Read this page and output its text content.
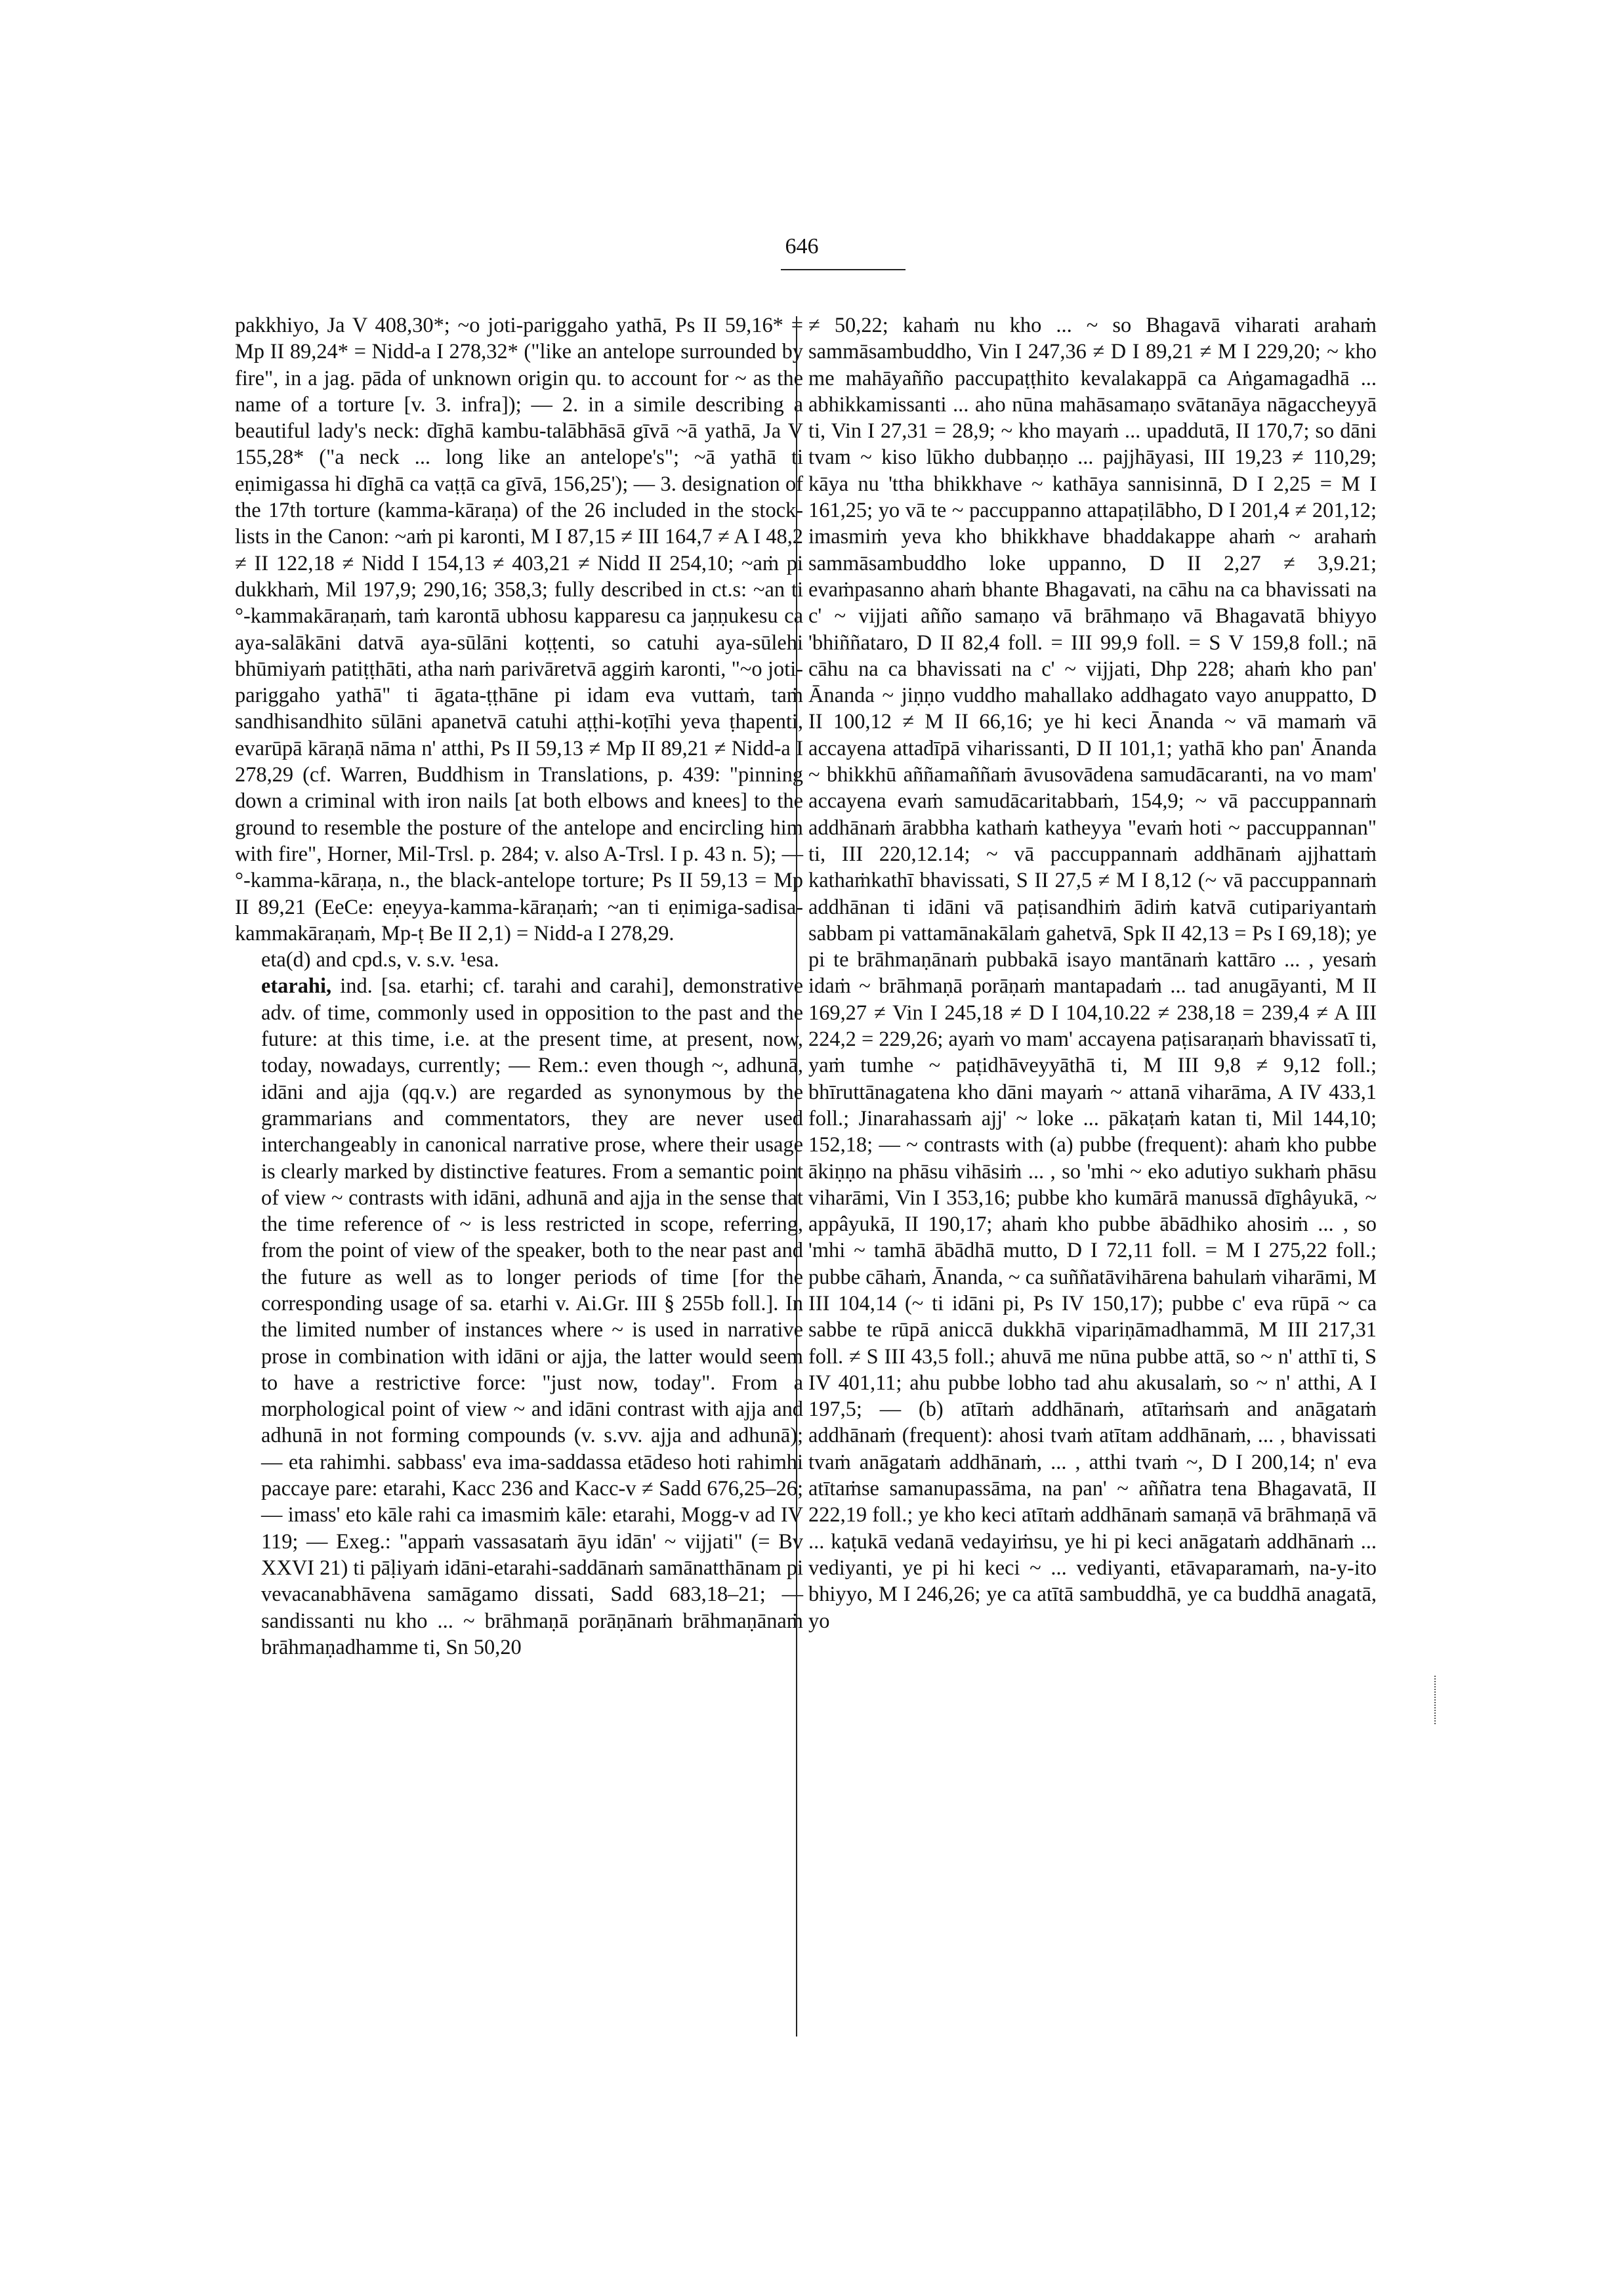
646

pakkhiyo, Ja V 408,30*; ~o joti-pariggaho yathā, Ps II 59,16* = Mp II 89,24* = Nidd-a I 278,32* ("like an antelope surrounded by fire", in a jag. pāda of unknown origin qu. to account for ~ as the name of a torture [v. 3. infra]); — 2. in a simile describing a beautiful lady's neck: dīghā kambu-talābhāsā gīvā ~ā yathā, Ja V 155,28* ("a neck ... long like an antelope's"; ~ā yathā ti eṇimigassa hi dīghā ca vaṭṭā ca gīvā, 156,25'); — 3. designation of the 17th torture (kamma-kāraṇa) of the 26 included in the stock-lists in the Canon: ~aṁ pi karonti, M I 87,15 ≠ III 164,7 ≠ A I 48,2 ≠ II 122,18 ≠ Nidd I 154,13 ≠ 403,21 ≠ Nidd II 254,10; ~aṁ pi dukkhaṁ, Mil 197,9; 290,16; 358,3; fully described in ct.s: ~an ti °-kammakāraṇaṁ, taṁ karontā ubhosu kapparesu ca jaṇṇukesu ca aya-salākāni datvā aya-sūlāni koṭṭenti, so catuhi aya-sūlehi bhūmiyaṁ patiṭṭhāti, atha naṁ parivāretvā aggiṁ karonti, "~o joti-pariggaho yathā" ti āgata-ṭṭhāne pi idam eva vuttaṁ, taṁ sandhisandhito sūlāni apanetvā catuhi aṭṭhi-koṭīhi yeva ṭhapenti, evarūpā kāraṇā nāma n' atthi, Ps II 59,13 ≠ Mp II 89,21 ≠ Nidd-a I 278,29 (cf. Warren, Buddhism in Translations, p. 439: "pinning down a criminal with iron nails [at both elbows and knees] to the ground to resemble the posture of the antelope and encircling him with fire", Horner, Mil-Trsl. p. 284; v. also A-Trsl. I p. 43 n. 5); — °-kamma-kāraṇa, n., the black-antelope torture; Ps II 59,13 = Mp II 89,21 (EeCe: eṇeyya-kamma-kāraṇaṁ; ~an ti eṇimiga-sadisa-kammakāraṇaṁ, Mp-ṭ Be II 2,1) = Nidd-a I 278,29.

eta(d) and cpd.s, v. s.v. ¹esa.

etarahi, ind. [sa. etarhi; cf. tarahi and carahi], demonstrative adv. of time, commonly used in opposition to the past and the future: at this time, i.e. at the present time, at present, now, today, nowadays, currently; — Rem.: even though ~, adhunā, idāni and ajja (qq.v.) are regarded as synonymous by the grammarians and commentators, they are never used interchangeably in canonical narrative prose, where their usage is clearly marked by distinctive features. From a semantic point of view ~ contrasts with idāni, adhunā and ajja in the sense that the time reference of ~ is less restricted in scope, referring, from the point of view of the speaker, both to the near past and the future as well as to longer periods of time [for the corresponding usage of sa. etarhi v. Ai.Gr. III § 255b foll.]. In the limited number of instances where ~ is used in narrative prose in combination with idāni or ajja, the latter would seem to have a restrictive force: "just now, today". From a morphological point of view ~ and idāni contrast with ajja and adhunā in not forming compounds (v. s.vv. ajja and adhunā); — eta rahimhi. sabbass' eva ima-saddassa etādeso hoti rahimhi paccaye pare: etarahi, Kacc 236 and Kacc-v ≠ Sadd 676,25–26; — imass' eto kāle rahi ca imasmiṁ kāle: etarahi, Mogg-v ad IV 119; — Exeg.: "appaṁ vassasataṁ āyu idān' ~ vijjati" (= Bv XXVI 21) ti pāḷiyaṁ idāni-etarahi-saddānaṁ samānatthānam pi vevacanabhāvena samāgamo dissati, Sadd 683,18–21; — sandissanti nu kho ... ~ brāhmaṇā porāṇānaṁ brāhmaṇānaṁ brāhmaṇadhamme ti, Sn 50,20

≠ 50,22; kahaṁ nu kho ... ~ so Bhagavā viharati arahaṁ sammāsambuddho, Vin I 247,36 ≠ D I 89,21 ≠ M I 229,20; ~ kho me mahāyañño paccupaṭṭhito kevalakappā ca Aṅgamagadhā ... abhikkamissanti ... aho nūna mahāsamaṇo svātanāya nāgaccheyyā ti, Vin I 27,31 = 28,9; ~ kho mayaṁ ... upaddutā, II 170,7; so dāni tvam ~ kiso lūkho dubbaṇṇo ... pajjhāyasi, III 19,23 ≠ 110,29; kāya nu 'ttha bhikkhave ~ kathāya sannisinnā, D I 2,25 = M I 161,25; yo vā te ~ paccuppanno attapaṭilābho, D I 201,4 ≠ 201,12; imasmiṁ yeva kho bhikkhave bhaddakappe ahaṁ ~ arahaṁ sammāsambuddho loke uppanno, D II 2,27 ≠ 3,9.21; evaṁpasanno ahaṁ bhante Bhagavati, na cāhu na ca bhavissati na c' ~ vijjati añño samaṇo vā brāhmaṇo vā Bhagavatā bhiyyo 'bhiññataro, D II 82,4 foll. = III 99,9 foll. = S V 159,8 foll.; nā cāhu na ca bhavissati na c' ~ vijjati, Dhp 228; ahaṁ kho pan' Ānanda ~ jiṇṇo vuddho mahallako addhagato vayo anuppatto, D II 100,12 ≠ M II 66,16; ye hi keci Ānanda ~ vā mamaṁ vā accayena attadīpā viharissanti, D II 101,1; yathā kho pan' Ānanda ~ bhikkhū aññamaññaṁ āvusovādena samudācaranti, na vo mam' accayena evaṁ samudācaritabbaṁ, 154,9; ~ vā paccuppannaṁ addhānaṁ ārabbha kathaṁ katheyya "evaṁ hoti ~ paccuppannan" ti, III 220,12.14; ~ vā paccuppannaṁ addhānaṁ ajjhattaṁ kathaṁkathī bhavissati, S II 27,5 ≠ M I 8,12 (~ vā paccuppannaṁ addhānan ti idāni vā paṭisandhiṁ ādiṁ katvā cutipariyantaṁ sabbam pi vattamānakālaṁ gahetvā, Spk II 42,13 = Ps I 69,18); ye pi te brāhmaṇānaṁ pubbakā isayo mantānaṁ kattāro ... , yesaṁ idaṁ ~ brāhmaṇā porāṇaṁ mantapadaṁ ... tad anugāyanti, M II 169,27 ≠ Vin I 245,18 ≠ D I 104,10.22 ≠ 238,18 = 239,4 ≠ A III 224,2 = 229,26; ayaṁ vo mam' accayena paṭisaraṇaṁ bhavissatī ti, yaṁ tumhe ~ paṭidhāveyyāthā ti, M III 9,8 ≠ 9,12 foll.; bhīruttānagatena kho dāni mayaṁ ~ attanā viharāma, A IV 433,1 foll.; Jinarahassaṁ ajj' ~ loke ... pākaṭaṁ katan ti, Mil 144,10; 152,18; — ~ contrasts with (a) pubbe (frequent): ahaṁ kho pubbe ākiṇṇo na phāsu vihāsiṁ ... , so 'mhi ~ eko adutiyo sukhaṁ phāsu viharāmi, Vin I 353,16; pubbe kho kumārā manussā dīghâyukā, ~ appâyukā, II 190,17; ahaṁ kho pubbe ābādhiko ahosiṁ ... , so 'mhi ~ tamhā ābādhā mutto, D I 72,11 foll. = M I 275,22 foll.; pubbe cāhaṁ, Ānanda, ~ ca suññatāvihārena bahulaṁ viharāmi, M III 104,14 (~ ti idāni pi, Ps IV 150,17); pubbe c' eva rūpā ~ ca sabbe te rūpā aniccā dukkhā vipariṇāmadhammā, M III 217,31 foll. ≠ S III 43,5 foll.; ahuvā me nūna pubbe attā, so ~ n' atthī ti, S IV 401,11; ahu pubbe lobho tad ahu akusalaṁ, so ~ n' atthi, A I 197,5; — (b) atītaṁ addhānaṁ, atītaṁsaṁ and anāgataṁ addhānaṁ (frequent): ahosi tvaṁ atītam addhānaṁ, ... , bhavissati tvaṁ anāgataṁ addhānaṁ, ... , atthi tvaṁ ~, D I 200,14; n' eva atītaṁse samanupassāma, na pan' ~ aññatra tena Bhagavatā, II 222,19 foll.; ye kho keci atītaṁ addhānaṁ samaṇā vā brāhmaṇā vā ... kaṭukā vedanā vedayiṁsu, ye hi pi keci anāgataṁ addhānaṁ ... vediyanti, ye pi hi keci ~ ... vediyanti, etāvaparamaṁ, na-y-ito bhiyyo, M I 246,26; ye ca atītā sambuddhā, ye ca buddhā anagatā, yo
